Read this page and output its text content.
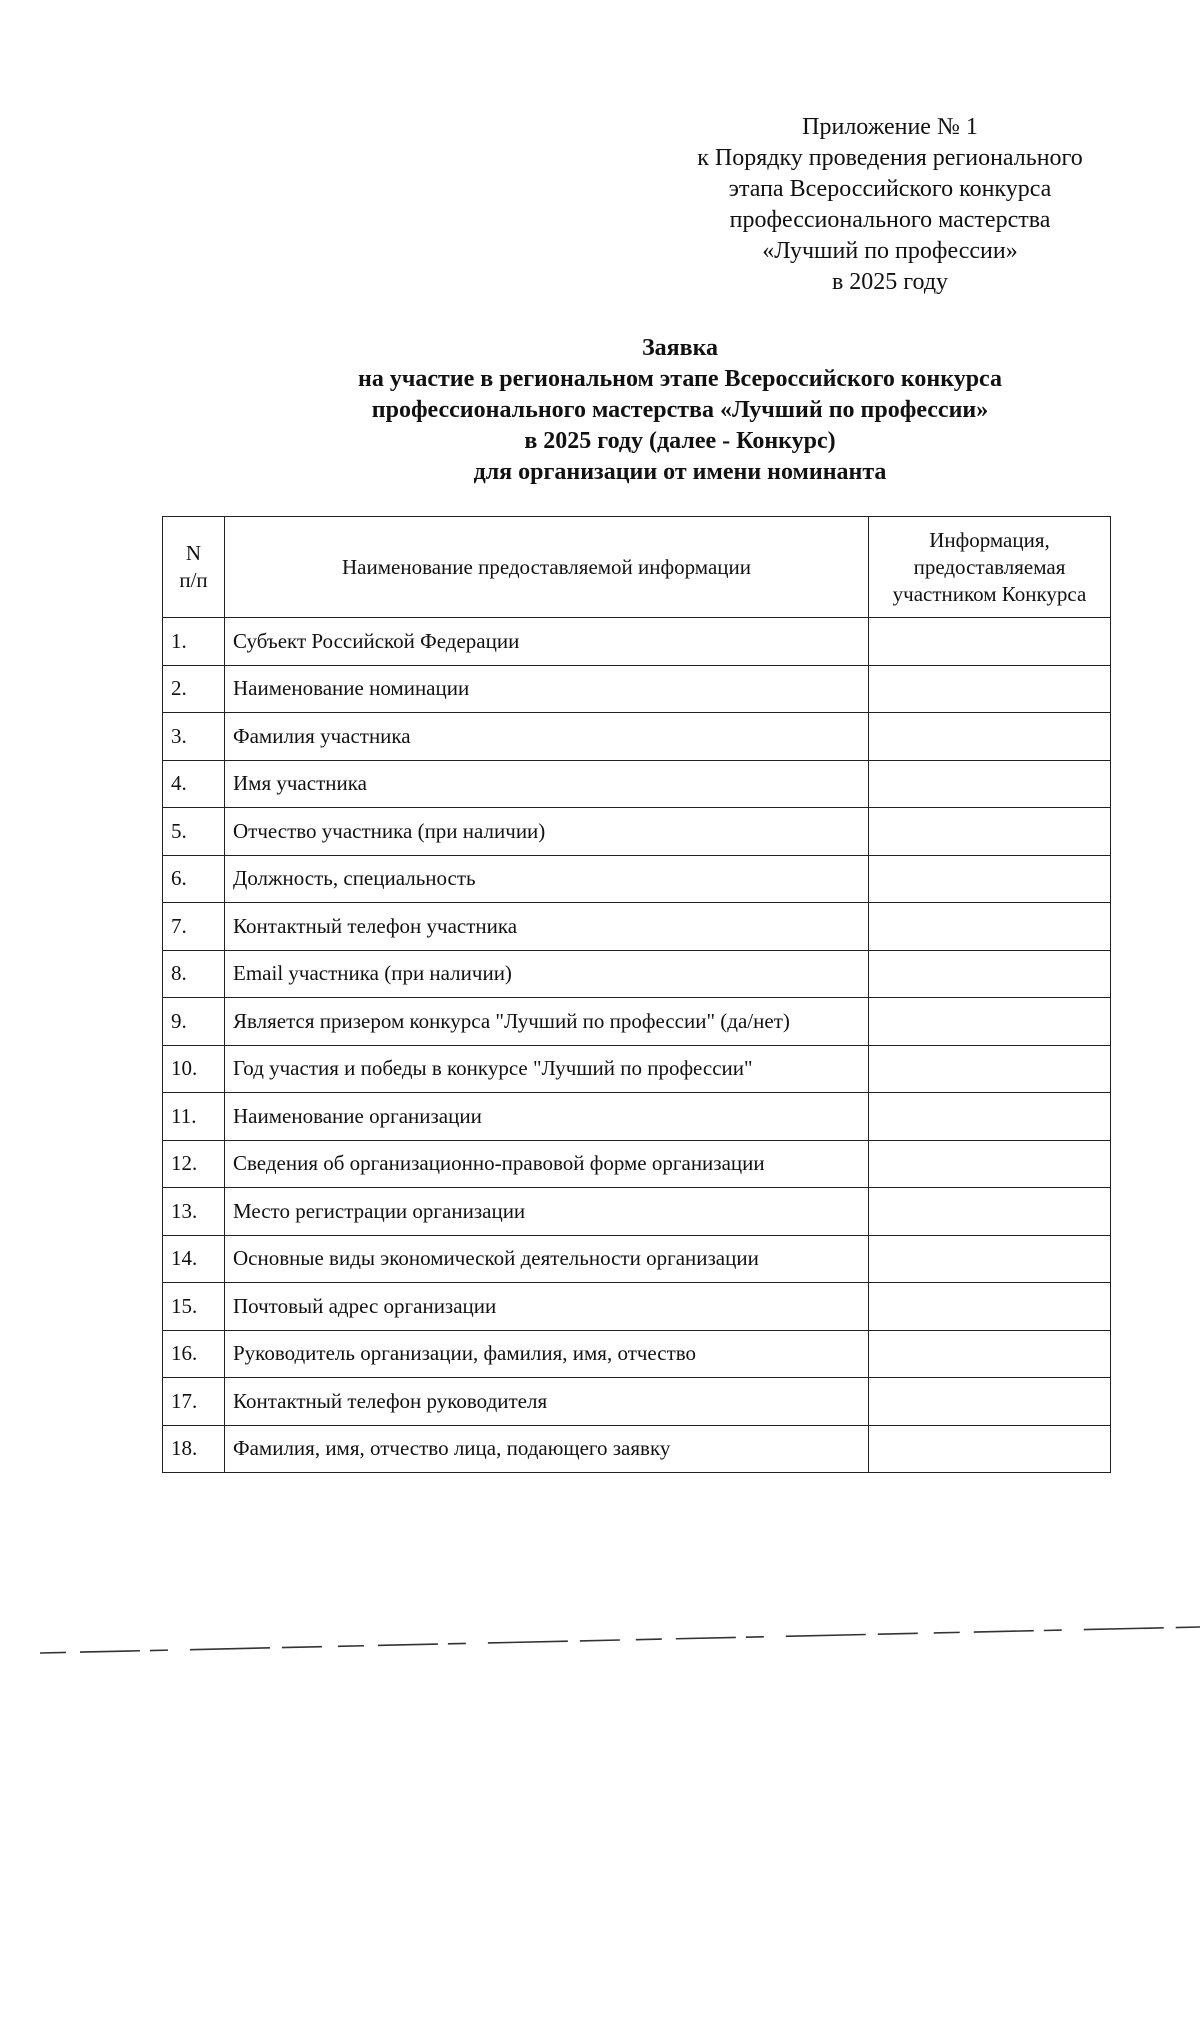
Приложение № 1
к Порядку проведения регионального
этапа Всероссийского конкурса
профессионального мастерства
«Лучший по профессии»
в 2025 году
Заявка
на участие в региональном этапе Всероссийского конкурса
профессионального мастерства «Лучший по профессии»
в 2025 году (далее - Конкурс)
для организации от имени номинанта
N
п/п	Наименование предоставляемой информации	Информация,
предоставляемая
участником Конкурса
1.	Субъект Российской Федерации	
2.	Наименование номинации	
3.	Фамилия участника	
4.	Имя участника	
5.	Отчество участника (при наличии)	
6.	Должность, специальность	
7.	Контактный телефон участника	
8.	Email участника (при наличии)	
9.	Является призером конкурса "Лучший по профессии" (да/нет)	
10.	Год участия и победы в конкурсе "Лучший по профессии"	
11.	Наименование организации	
12.	Сведения об организационно-правовой форме организации	
13.	Место регистрации организации	
14.	Основные виды экономической деятельности организации	
15.	Почтовый адрес организации	
16.	Руководитель организации, фамилия, имя, отчество	
17.	Контактный телефон руководителя	
18.	Фамилия, имя, отчество лица, подающего заявку	
